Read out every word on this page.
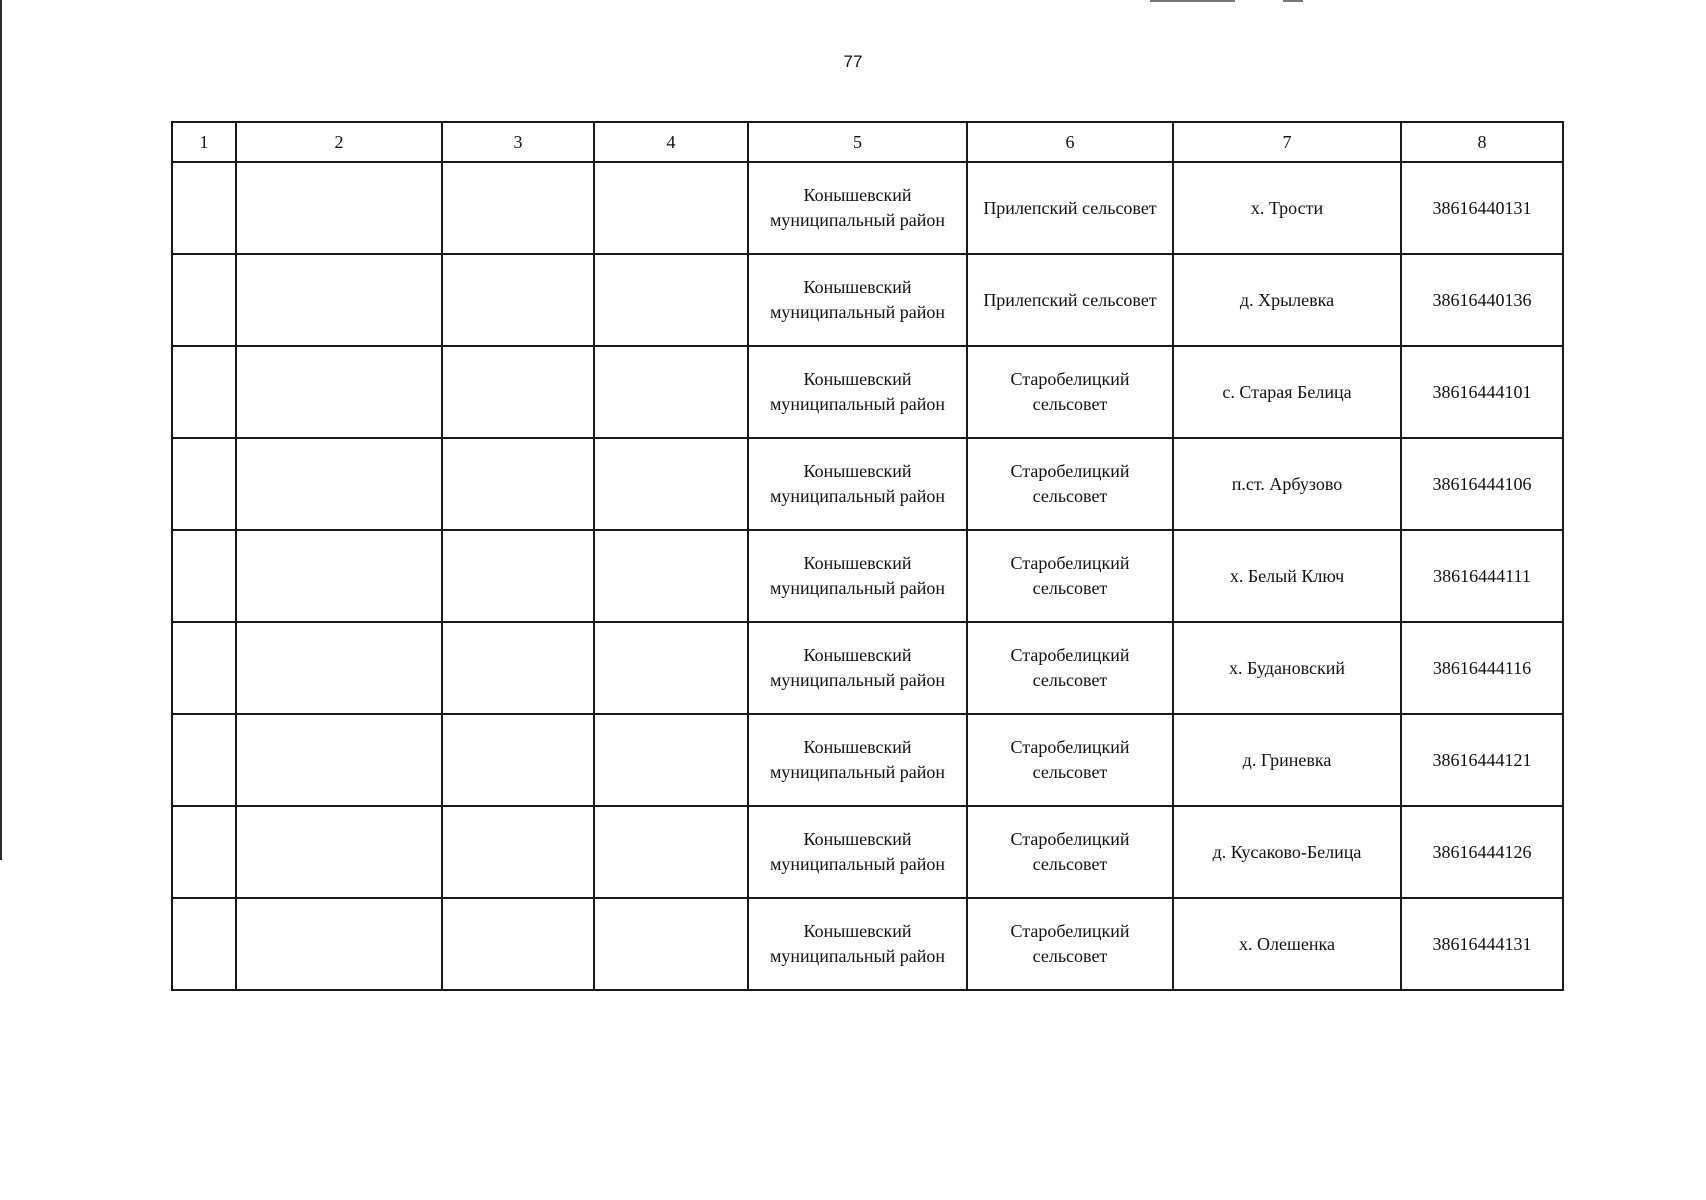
77
1	2	3	4	5	6	7	8
				Конышевский муниципальный район	Прилепский сельсовет	х. Трости	38616440131
				Конышевский муниципальный район	Прилепский сельсовет	д. Хрылевка	38616440136
				Конышевский муниципальный район	Старобелицкий сельсовет	с. Старая Белица	38616444101
				Конышевский муниципальный район	Старобелицкий сельсовет	п.ст. Арбузово	38616444106
				Конышевский муниципальный район	Старобелицкий сельсовет	х. Белый Ключ	38616444111
				Конышевский муниципальный район	Старобелицкий сельсовет	х. Будановский	38616444116
				Конышевский муниципальный район	Старобелицкий сельсовет	д. Гриневка	38616444121
				Конышевский муниципальный район	Старобелицкий сельсовет	д. Кусаково-Белица	38616444126
				Конышевский муниципальный район	Старобелицкий сельсовет	х. Олешенка	38616444131
